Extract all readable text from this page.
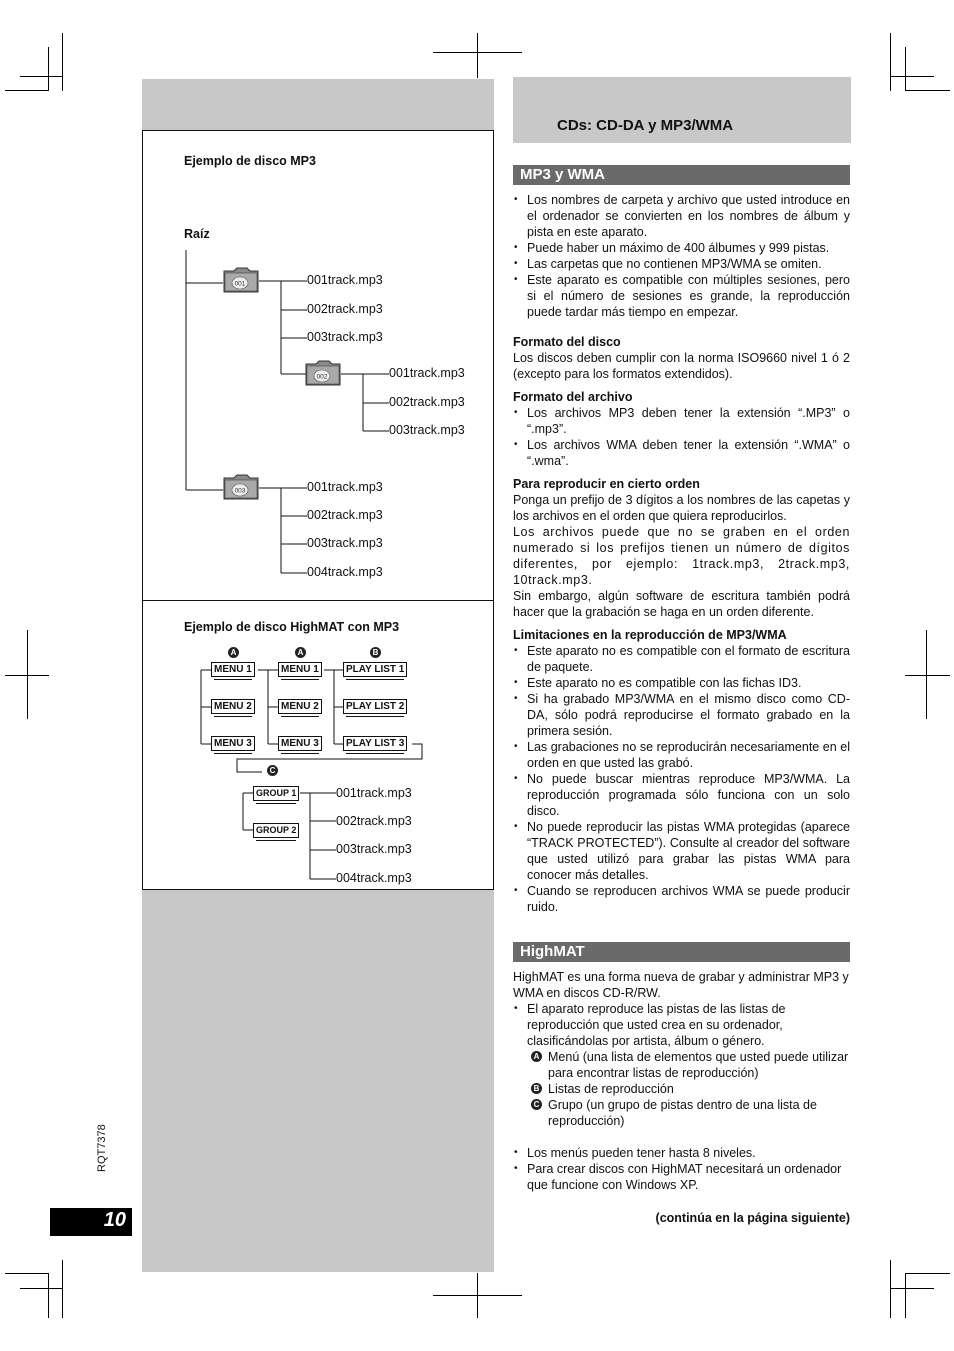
CDs: CD-DA y MP3/WMA
Ejemplo de disco MP3
Raíz
001
002
003
001track.mp3
002track.mp3
003track.mp3
001track.mp3
002track.mp3
003track.mp3
001track.mp3
002track.mp3
003track.mp3
004track.mp3
Ejemplo de disco HighMAT con MP3
A	A	B
C
MENU 1
MENU 2
MENU 3
MENU 1
MENU 2
MENU 3
PLAY LIST 1
PLAY LIST 2
PLAY LIST 3
GROUP 1
GROUP 2
001track.mp3
002track.mp3
003track.mp3
004track.mp3
RQT7378
10
MP3 y WMA
• Los nombres de carpeta y archivo que usted introduce en el ordenador se convierten en los nombres de álbum y pista en este aparato.
• Puede haber un máximo de 400 álbumes y 999 pistas.
• Las carpetas que no contienen MP3/WMA se omiten.
• Este aparato es compatible con múltiples sesiones, pero si el número de sesiones es grande, la reproducción puede tardar más tiempo en empezar.

Formato del disco

Los discos deben cumplir con la norma ISO9660 nivel 1 ó 2 (excepto para los formatos extendidos).

Formato del archivo

• Los archivos MP3 deben tener la extensión “.MP3” o “.mp3”.
• Los archivos WMA deben tener la extensión “.WMA” o “.wma”.

Para reproducir en cierto orden

Ponga un prefijo de 3 dígitos a los nombres de las capetas y los archivos en el orden que quiera reproducirlos.

Los archivos puede que no se graben en el orden numerado si los prefijos tienen un número de dígitos diferentes, por ejemplo: 1track.mp3, 2track.mp3, 10track.mp3.

Sin embargo, algún software de escritura también podrá hacer que la grabación se haga en un orden diferente.

Limitaciones en la reproducción de MP3/WMA

• Este aparato no es compatible con el formato de escritura de paquete.
• Este aparato no es compatible con las fichas ID3.
• Si ha grabado MP3/WMA en el mismo disco como CD-DA, sólo podrá reproducirse el formato grabado en la primera sesión.
• Las grabaciones no se reproducirán necesariamente en el orden en que usted las grabó.
• No puede buscar mientras reproduce MP3/WMA. La reproducción programada sólo funciona con un solo disco.
• No puede reproducir las pistas WMA protegidas (aparece “TRACK PROTECTED”). Consulte al creador del software que usted utilizó para grabar las pistas WMA para conocer más detalles.
• Cuando se reproducen archivos WMA se puede producir ruido.
HighMAT

HighMAT es una forma nueva de grabar y administrar MP3 y WMA en discos CD-R/RW.

• El aparato reproduce las pistas de las listas de reproducción que usted crea en su ordenador, clasificándolas por artista, álbum o género.
A Menú (una lista de elementos que usted puede utilizar para encontrar listas de reproducción)
B Listas de reproducción
C Grupo (un grupo de pistas dentro de una lista de reproducción)
• Los menús pueden tener hasta 8 niveles.
• Para crear discos con HighMAT necesitará un ordenador que funcione con Windows XP.
(continúa en la página siguiente)
